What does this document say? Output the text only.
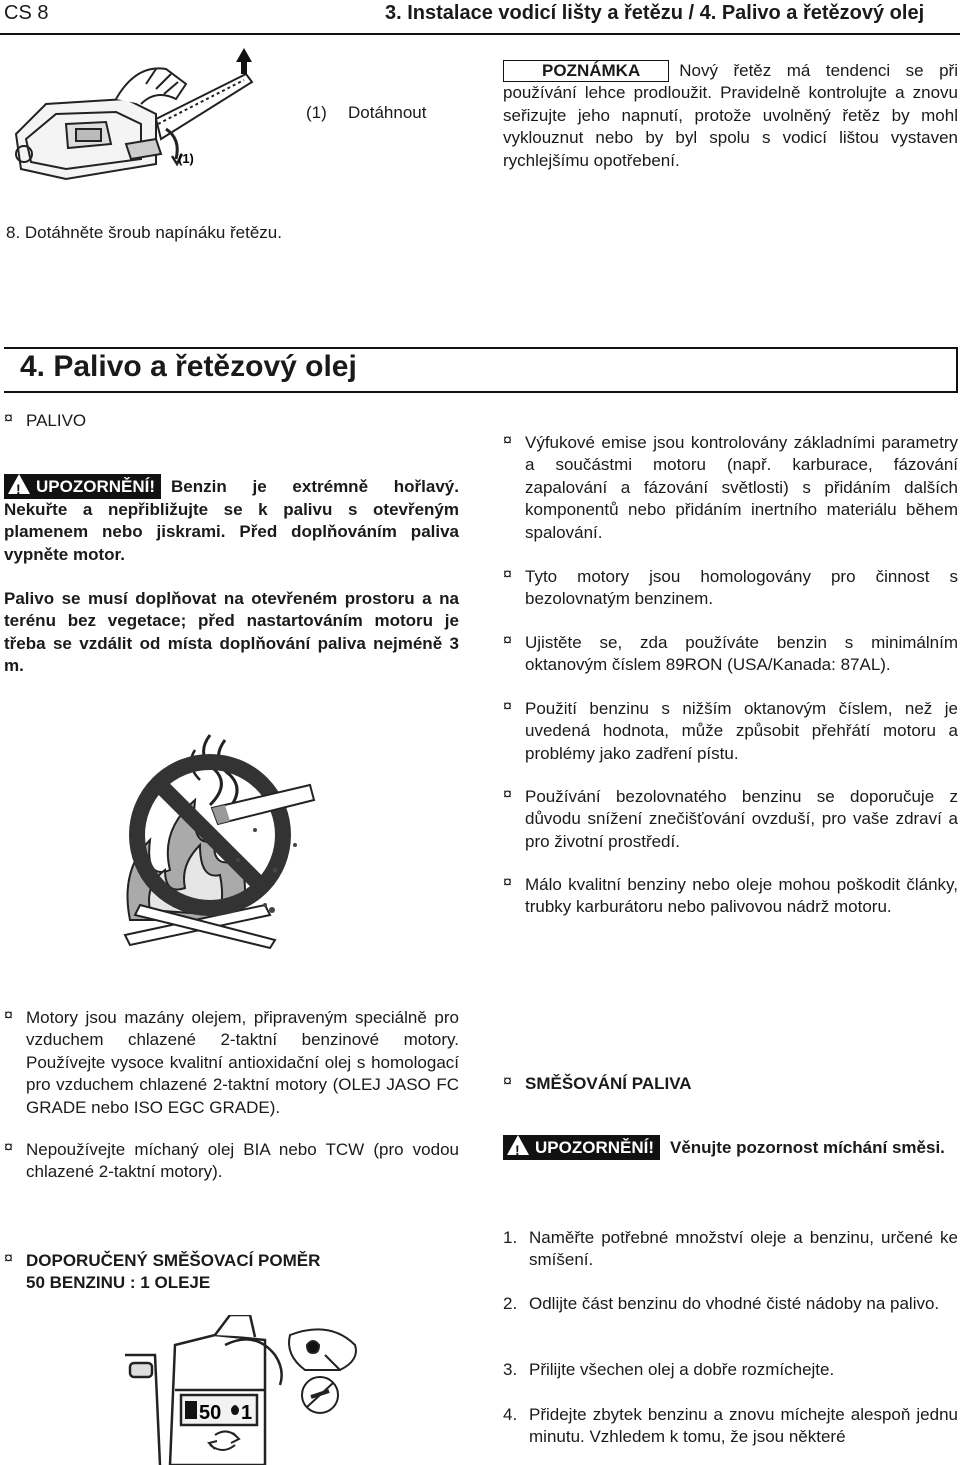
CS 8	3. Instalace vodicí lišty a řetězu / 4. Palivo a řetězový olej
(1)
(1) Dotáhnout
POZNÁMKA Nový řetěz má tendenci se při používání lehce prodloužit. Pravidelně kontrolujte a znovu seřizujte jeho napnutí, protože uvolněný řetěz by mohl vyklouznut nebo by byl spolu s vodicí lištou vystaven rychlejšímu opotřebení.
8. Dotáhněte šroub napínáku řetězu.
4. Palivo a řetězový olej
¤ PALIVO
!UPOZORNĚNÍ! Benzin je extrémně hořlavý. Nekuřte a nepřibližujte se k palivu s otevřeným plamenem nebo jiskrami. Před doplňováním paliva vypněte motor.
Palivo se musí doplňovat na otevřeném prostoru a na terénu bez vegetace; před nastartováním motoru je třeba se vzdálit od místa doplňování paliva nejméně 3 m.
¤ Výfukové emise jsou kontrolovány základními parametry a součástmi motoru (např. karburace, fázování zapalování a fázování světlosti) s přidáním dalších komponentů nebo přidáním inertního materiálu během spalování.
¤ Tyto motory jsou homologovány pro činnost s bezolovnatým benzinem.
¤ Ujistěte se, zda používáte benzin s minimálním oktanovým číslem 89RON (USA/Kanada: 87AL).
¤ Použití benzinu s nižším oktanovým číslem, než je uvedená hodnota, může způsobit přehřátí motoru a problémy jako zadření pístu.
¤ Používání bezolovnatého benzinu se doporučuje z důvodu snížení znečišťování ovzduší, pro vaše zdraví a pro životní prostředí.
¤ Málo kvalitní benziny nebo oleje mohou poškodit články, trubky karburátoru nebo palivovou nádrž motoru.
¤ Motory jsou mazány olejem, připraveným speciálně pro vzduchem chlazené 2-taktní benzinové motory. Používejte vysoce kvalitní antioxidační olej s homologací pro vzduchem chlazené 2-taktní motory (OLEJ JASO FC GRADE nebo ISO EGC GRADE).
¤ Nepoužívejte míchaný olej BIA nebo TCW (pro vodou chlazené 2-taktní motory).
¤ SMĚŠOVÁNÍ PALIVA
!UPOZORNĚNÍ! Věnujte pozornost míchání směsi.
¤ DOPORUČENÝ SMĚŠOVACÍ POMĚR
50 BENZINU : 1 OLEJE
50 1
1. Naměřte potřebné množství oleje a benzinu, určené ke smíšení.
2. Odlijte část benzinu do vhodné čisté nádoby na palivo.
3. Přilijte všechen olej a dobře rozmíchejte.
4. Přidejte zbytek benzinu a znovu míchejte alespoň jednu minutu. Vzhledem k tomu, že jsou některé
